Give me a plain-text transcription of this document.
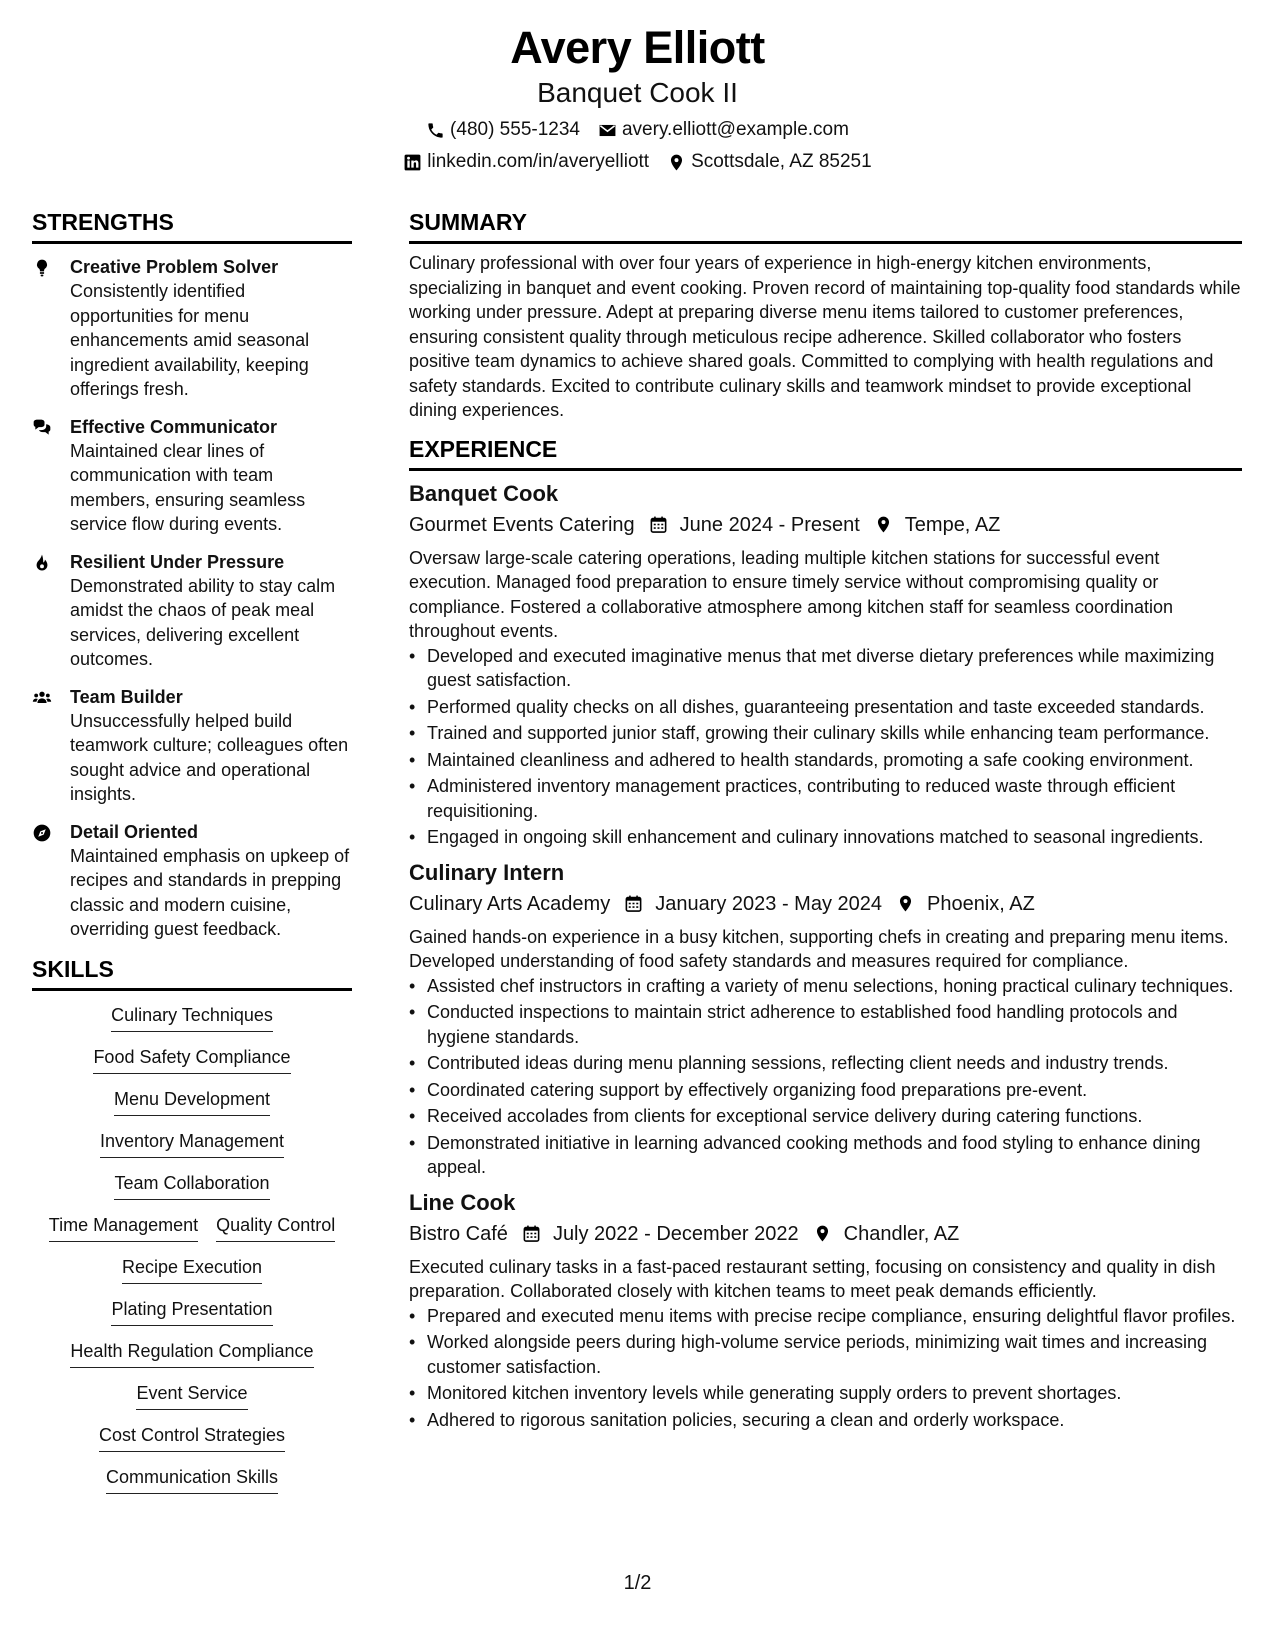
Avery Elliott
Banquet Cook II
(480) 555-1234 avery.elliott@example.com
linkedin.com/in/averyelliott Scottsdale, AZ 85251
STRENGTHS
Creative Problem Solver
Consistently identified opportunities for menu enhancements amid seasonal ingredient availability, keeping offerings fresh.
Effective Communicator
Maintained clear lines of communication with team members, ensuring seamless service flow during events.
Resilient Under Pressure
Demonstrated ability to stay calm amidst the chaos of peak meal services, delivering excellent outcomes.
Team Builder
Unsuccessfully helped build teamwork culture; colleagues often sought advice and operational insights.
Detail Oriented
Maintained emphasis on upkeep of recipes and standards in prepping classic and modern cuisine, overriding guest feedback.
SKILLS
Culinary Techniques
Food Safety Compliance
Menu Development
Inventory Management
Team Collaboration
Time Management Quality Control
Recipe Execution
Plating Presentation
Health Regulation Compliance
Event Service
Cost Control Strategies
Communication Skills
SUMMARY
Culinary professional with over four years of experience in high-energy kitchen environments, specializing in banquet and event cooking. Proven record of maintaining top-quality food standards while working under pressure. Adept at preparing diverse menu items tailored to customer preferences, ensuring consistent quality through meticulous recipe adherence. Skilled collaborator who fosters positive team dynamics to achieve shared goals. Committed to complying with health regulations and safety standards. Excited to contribute culinary skills and teamwork mindset to provide exceptional dining experiences.
EXPERIENCE
Banquet Cook
Gourmet Events Catering June 2024 - Present Tempe, AZ
Oversaw large-scale catering operations, leading multiple kitchen stations for successful event execution. Managed food preparation to ensure timely service without compromising quality or compliance. Fostered a collaborative atmosphere among kitchen staff for seamless coordination throughout events.
• Developed and executed imaginative menus that met diverse dietary preferences while maximizing guest satisfaction.
• Performed quality checks on all dishes, guaranteeing presentation and taste exceeded standards.
• Trained and supported junior staff, growing their culinary skills while enhancing team performance.
• Maintained cleanliness and adhered to health standards, promoting a safe cooking environment.
• Administered inventory management practices, contributing to reduced waste through efficient requisitioning.
• Engaged in ongoing skill enhancement and culinary innovations matched to seasonal ingredients.
Culinary Intern
Culinary Arts Academy January 2023 - May 2024 Phoenix, AZ
Gained hands-on experience in a busy kitchen, supporting chefs in creating and preparing menu items. Developed understanding of food safety standards and measures required for compliance.
• Assisted chef instructors in crafting a variety of menu selections, honing practical culinary techniques.
• Conducted inspections to maintain strict adherence to established food handling protocols and hygiene standards.
• Contributed ideas during menu planning sessions, reflecting client needs and industry trends.
• Coordinated catering support by effectively organizing food preparations pre-event.
• Received accolades from clients for exceptional service delivery during catering functions.
• Demonstrated initiative in learning advanced cooking methods and food styling to enhance dining appeal.
Line Cook
Bistro Café July 2022 - December 2022 Chandler, AZ
Executed culinary tasks in a fast-paced restaurant setting, focusing on consistency and quality in dish preparation. Collaborated closely with kitchen teams to meet peak demands efficiently.
• Prepared and executed menu items with precise recipe compliance, ensuring delightful flavor profiles.
• Worked alongside peers during high-volume service periods, minimizing wait times and increasing customer satisfaction.
• Monitored kitchen inventory levels while generating supply orders to prevent shortages.
• Adhered to rigorous sanitation policies, securing a clean and orderly workspace.
1/2
